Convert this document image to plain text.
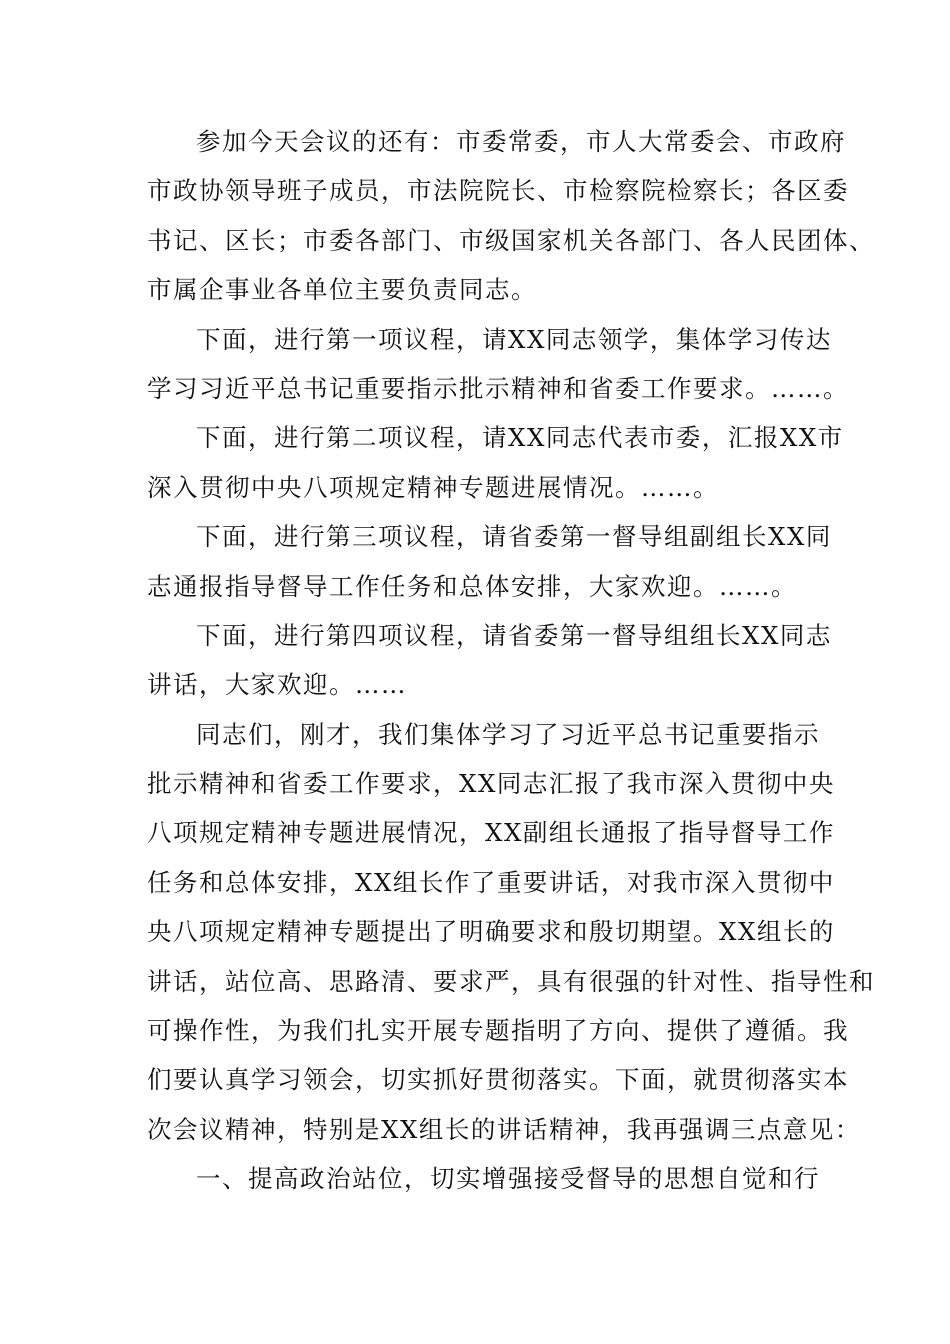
参加今天会议的还有：市委常委，市人大常委会、市政府
市政协领导班子成员，市法院院长、市检察院检察长；各区委
书记、区长；市委各部门、市级国家机关各部门、各人民团体、
市属企事业各单位主要负责同志。
下面，进行第一项议程，请XX同志领学，集体学习传达
学习习近平总书记重要指示批示精神和省委工作要求。……。
下面，进行第二项议程，请XX同志代表市委，汇报XX市
深入贯彻中央八项规定精神专题进展情况。……。
下面，进行第三项议程，请省委第一督导组副组长XX同
志通报指导督导工作任务和总体安排，大家欢迎。……。
下面，进行第四项议程，请省委第一督导组组长XX同志
讲话，大家欢迎。……
同志们，刚才，我们集体学习了习近平总书记重要指示
批示精神和省委工作要求，XX同志汇报了我市深入贯彻中央
八项规定精神专题进展情况，XX副组长通报了指导督导工作
任务和总体安排，XX组长作了重要讲话，对我市深入贯彻中
央八项规定精神专题提出了明确要求和殷切期望。XX组长的
讲话，站位高、思路清、要求严，具有很强的针对性、指导性和
可操作性，为我们扎实开展专题指明了方向、提供了遵循。我
们要认真学习领会，切实抓好贯彻落实。下面，就贯彻落实本
次会议精神，特别是XX组长的讲话精神，我再强调三点意见：
一、提高政治站位，切实增强接受督导的思想自觉和行
